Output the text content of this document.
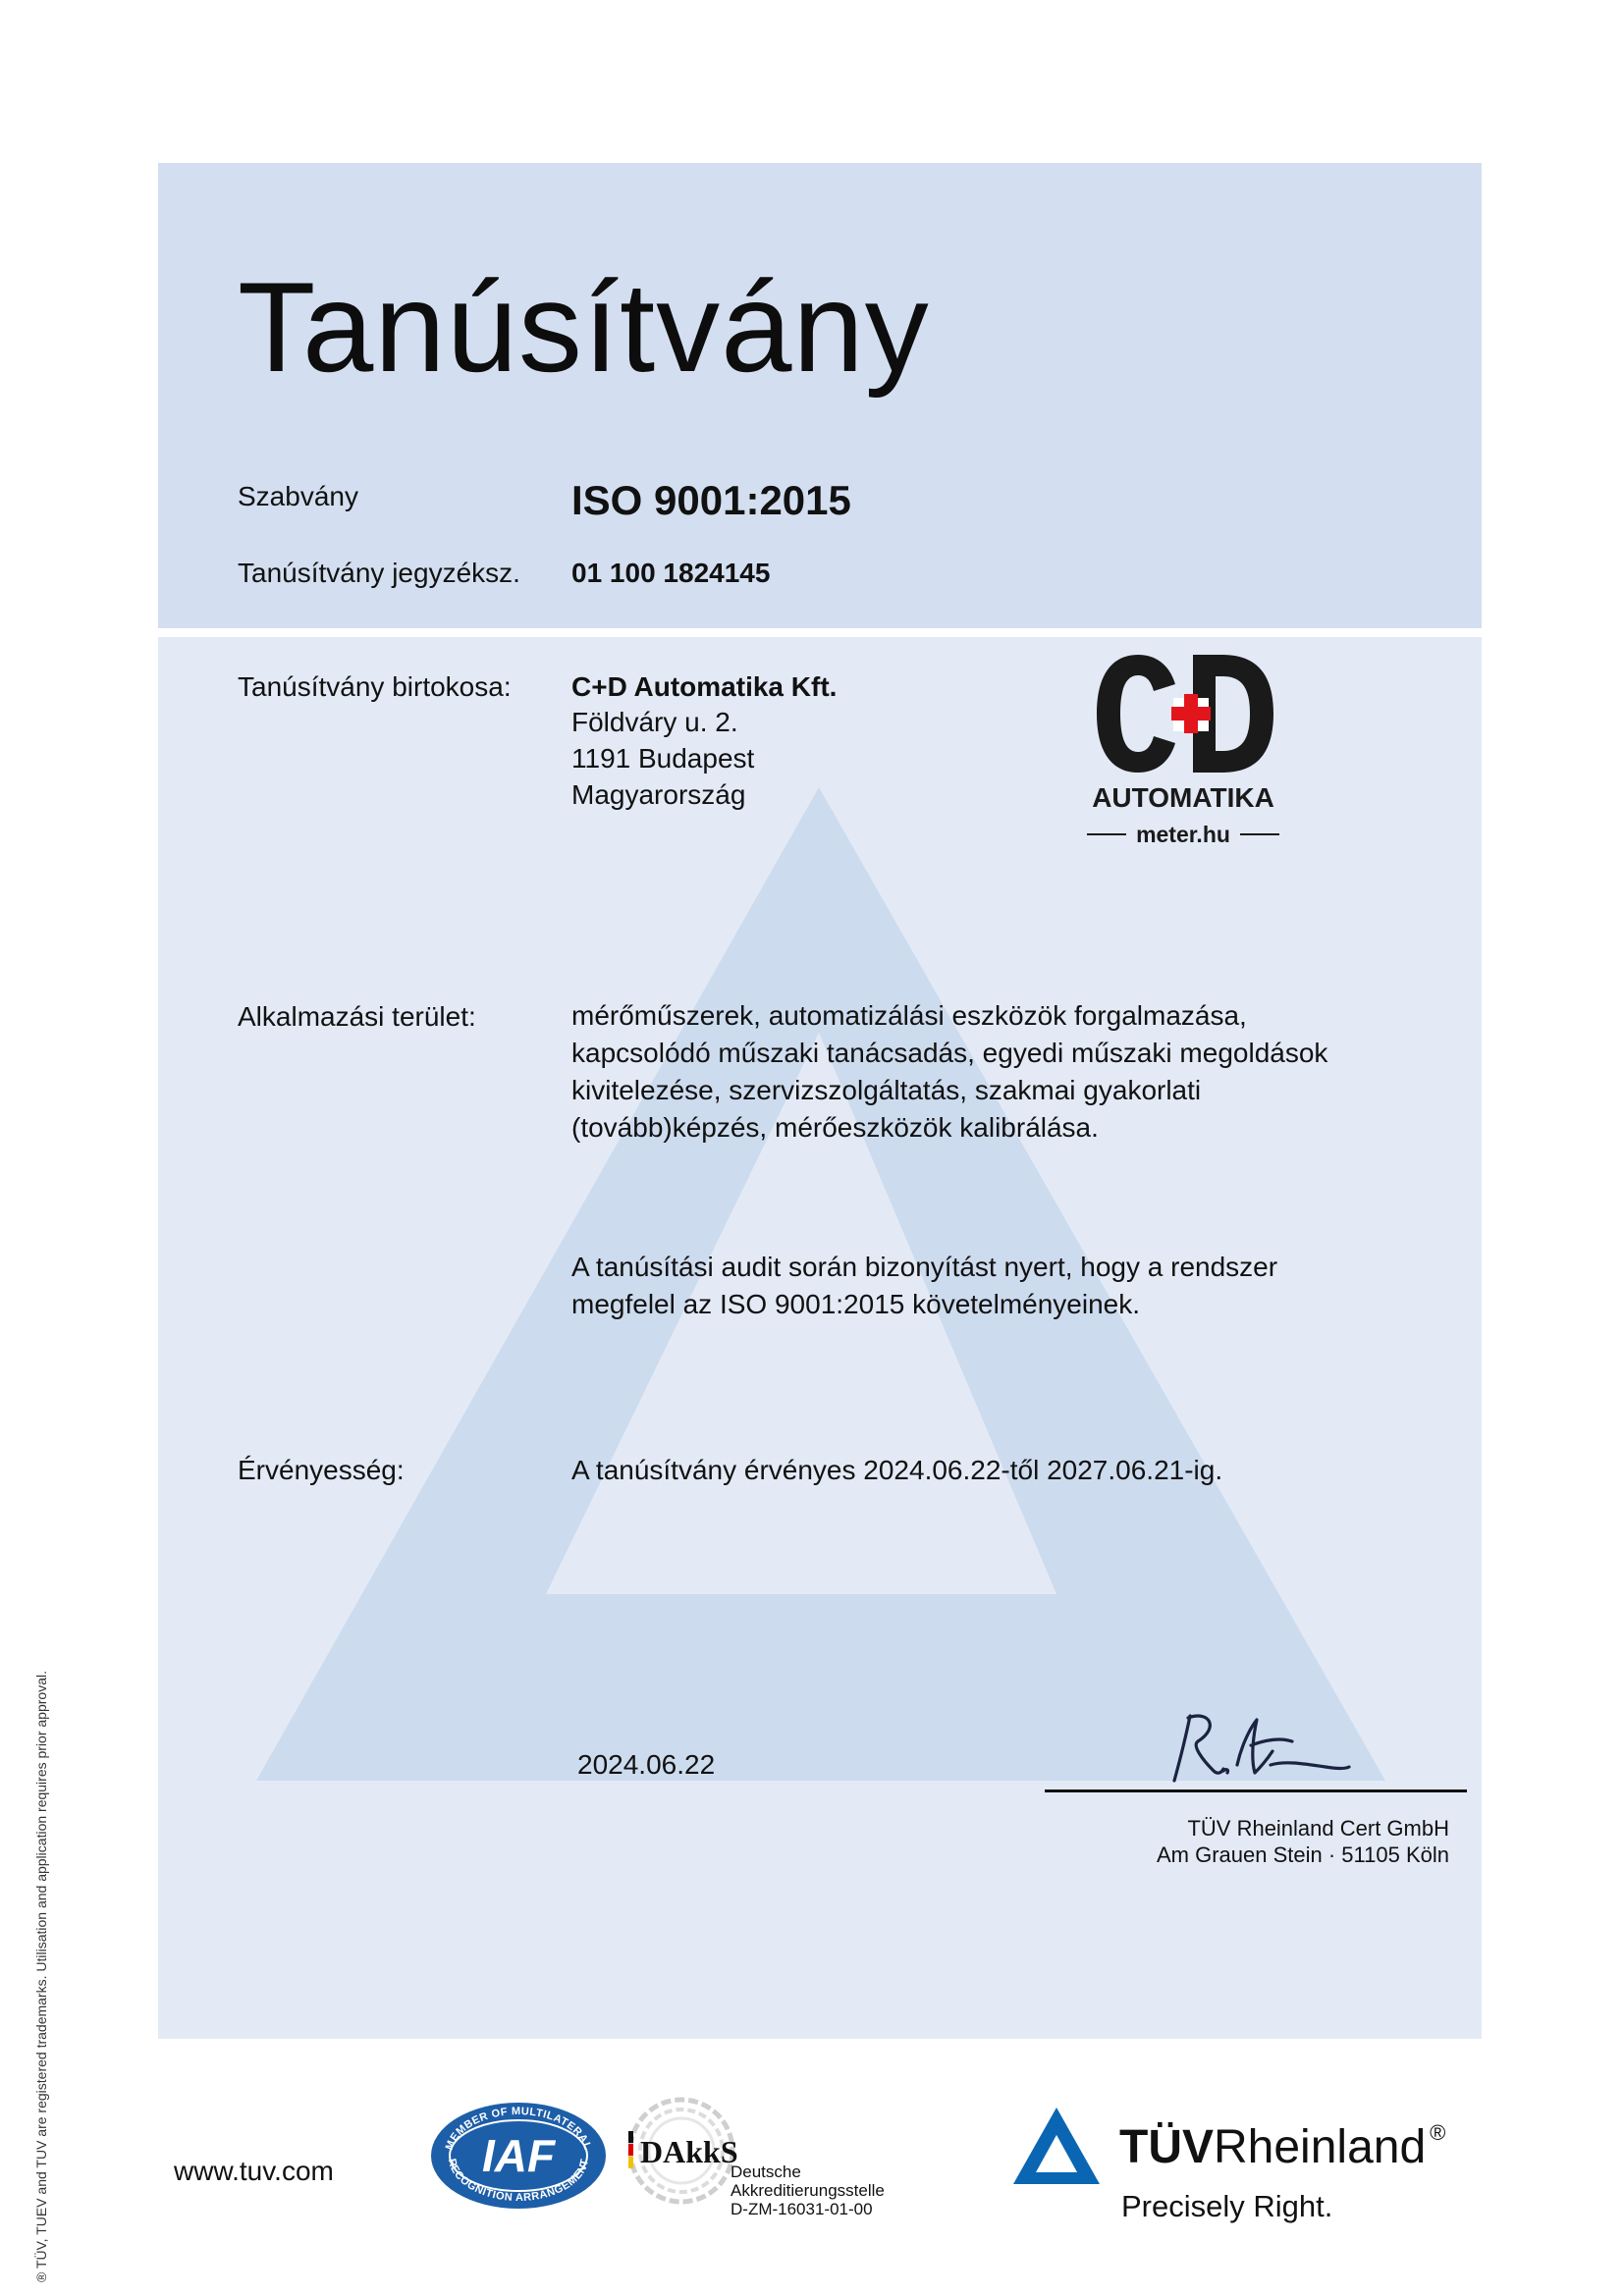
Tanúsítvány
Szabvány	ISO 9001:2015
Tanúsítvány jegyzéksz. 01 100 1824145
Tanúsítvány birtokosa: C+D Automatika Kft.
Földváry u. 2.
1191 Budapest
Magyarország	AUTOMATIKA
meter.hu
Alkalmazási terület:	mérőműszerek, automatizálási eszközök forgalmazása,
kapcsolódó műszaki tanácsadás, egyedi műszaki megoldások
kivitelezése, szervizszolgáltatás, szakmai gyakorlati
(tovább)képzés, mérőeszközök kalibrálása.
A tanúsítási audit során bizonyítást nyert, hogy a rendszer
megfelel az ISO 9001:2015 követelményeinek.
Érvényesség:	A tanúsítvány érvényes 2024.06.22-től 2027.06.21-ig.
2024.06.22
TÜV Rheinland Cert GmbH
Am Grauen Stein · 51105 Köln
® TÜV, TUEV and TUV are registered trademarks. Utilisation and application requires prior approval.	www.tuv.com
MEMBER OF MULTILATERAL
RECOGNITION ARRANGEMENT
IAF	DAkkS
Deutsche
Akkreditierungsstelle
D-ZM-16031-01-00
TÜVRheinland ®
Precisely Right.
